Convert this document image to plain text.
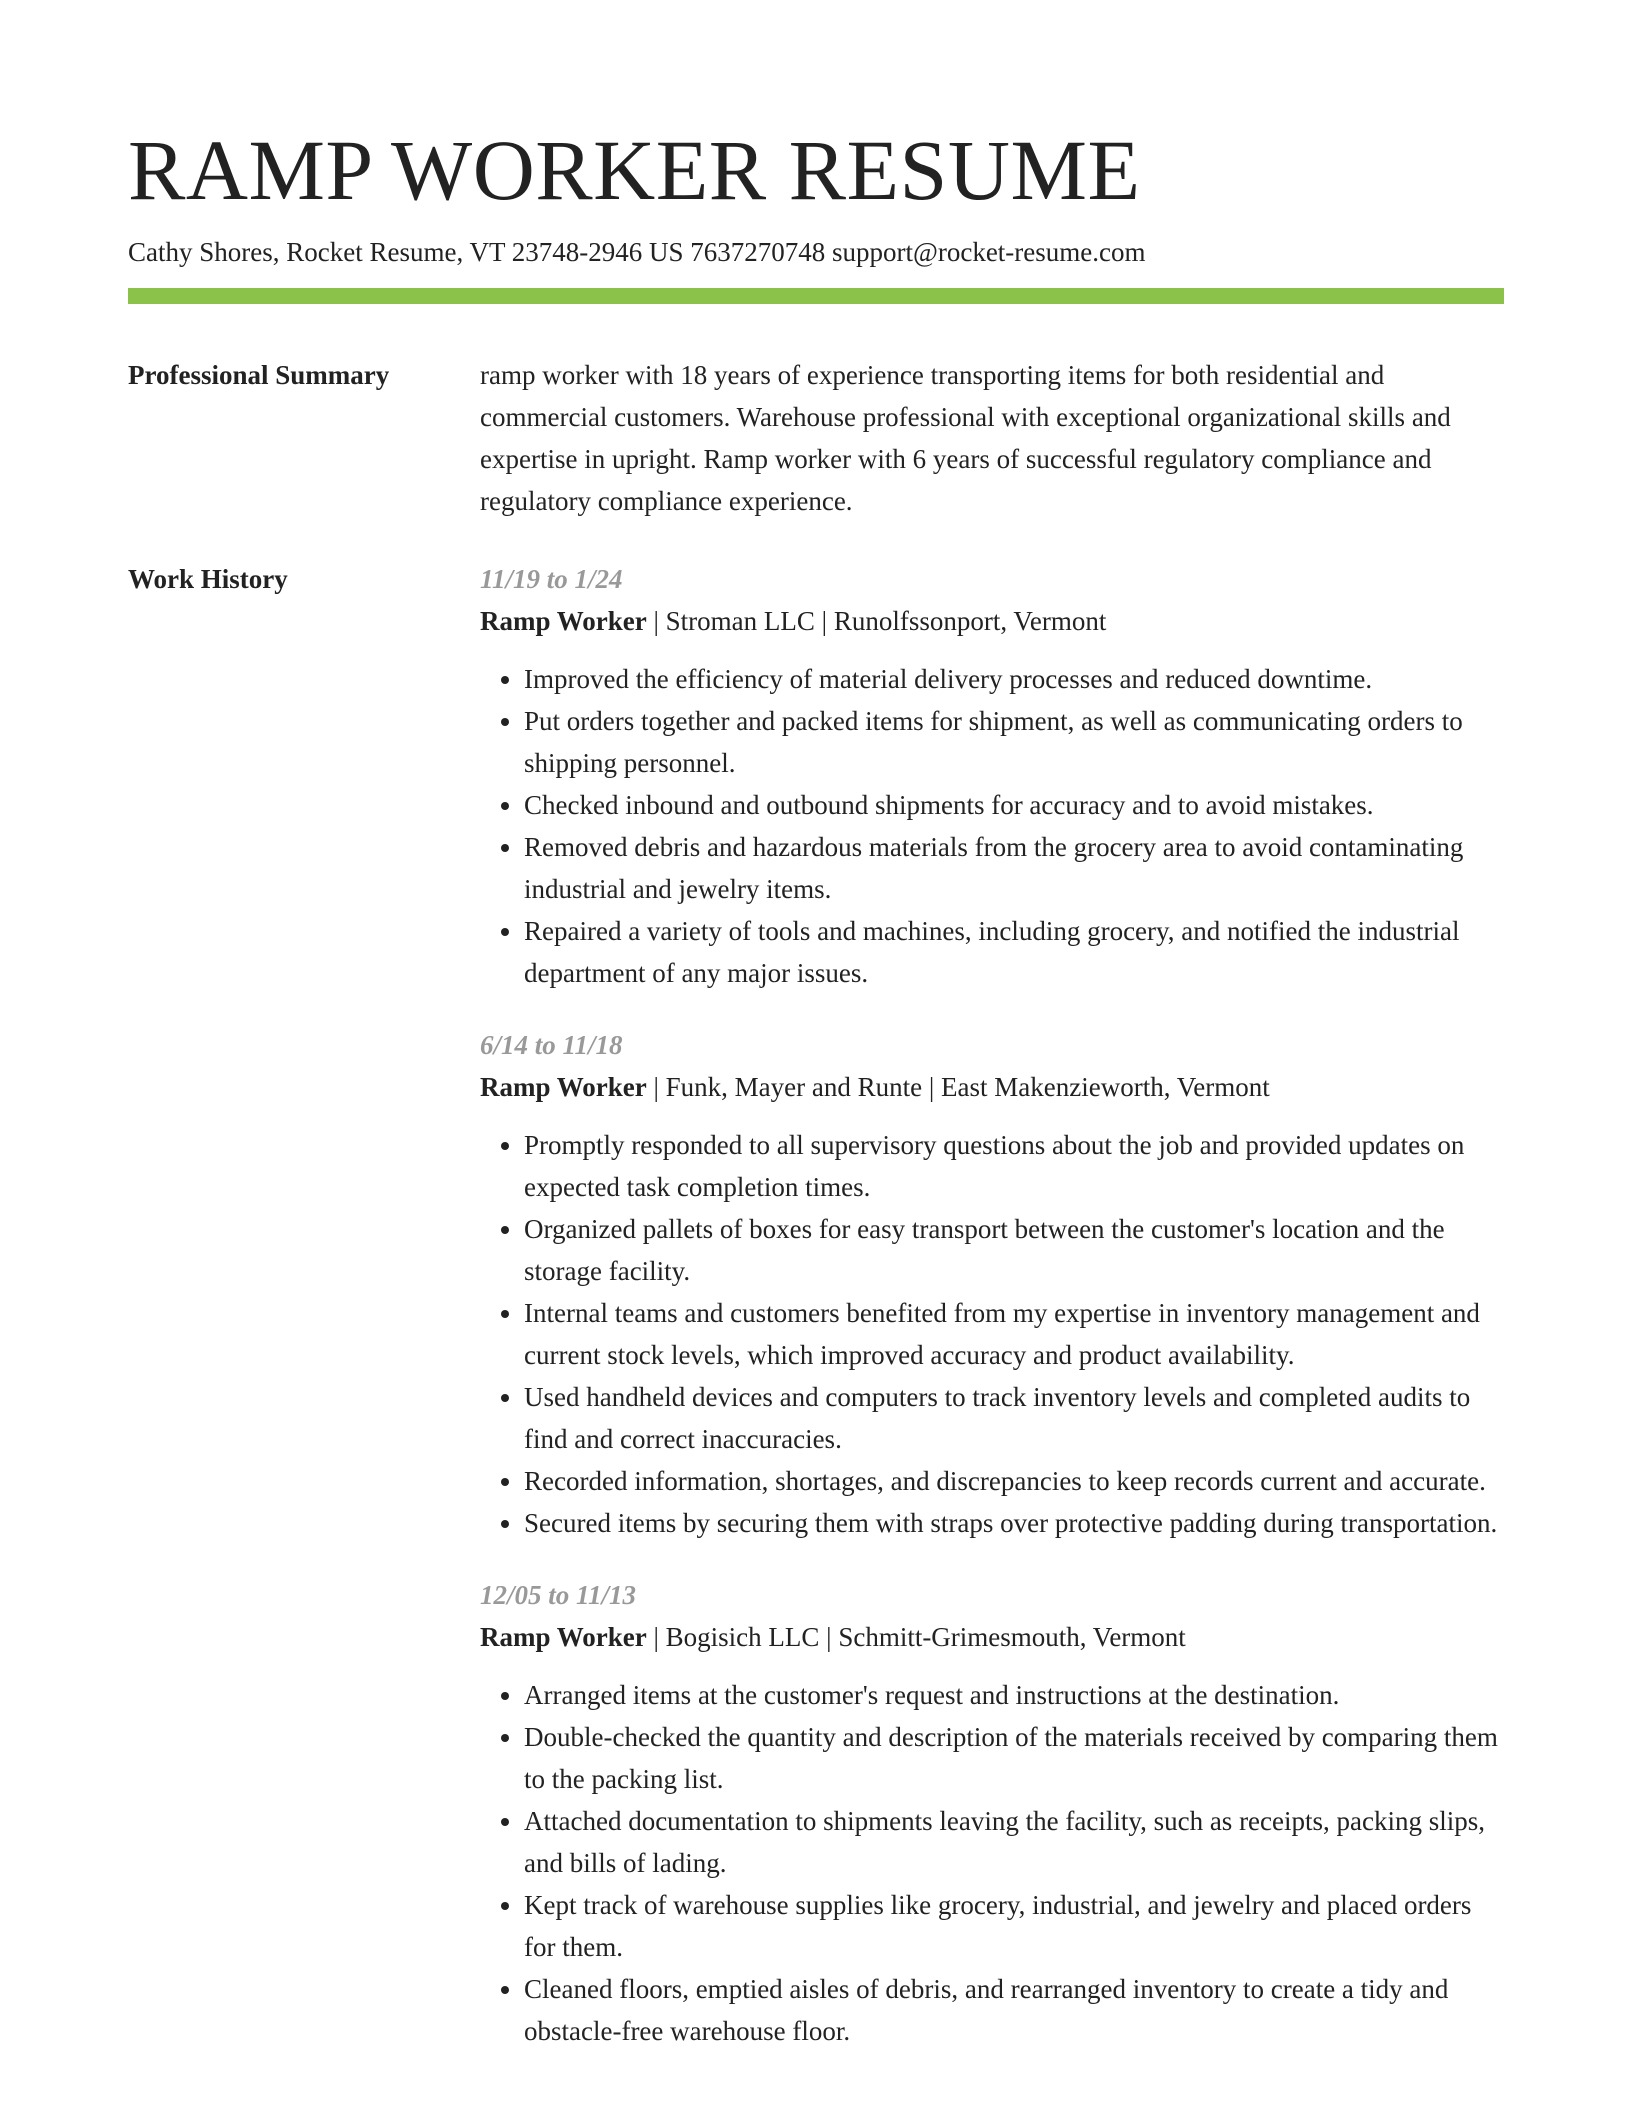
RAMP WORKER RESUME
Cathy Shores, Rocket Resume, VT 23748-2946 US 7637270748 support@rocket-resume.com
Professional Summary	ramp worker with 18 years of experience transporting items for both residential and commercial customers. Warehouse professional with exceptional organizational skills and expertise in upright. Ramp worker with 6 years of successful regulatory compliance and regulatory compliance experience.

Work History	11/19 to 1/24
Ramp Worker | Stroman LLC | Runolfssonport, Vermont
• Improved the efficiency of material delivery processes and reduced downtime.
• Put orders together and packed items for shipment, as well as communicating orders to shipping personnel.
• Checked inbound and outbound shipments for accuracy and to avoid mistakes.
• Removed debris and hazardous materials from the grocery area to avoid contaminating industrial and jewelry items.
• Repaired a variety of tools and machines, including grocery, and notified the industrial department of any major issues.
6/14 to 11/18
Ramp Worker | Funk, Mayer and Runte | East Makenzieworth, Vermont
• Promptly responded to all supervisory questions about the job and provided updates on expected task completion times.
• Organized pallets of boxes for easy transport between the customer's location and the storage facility.
• Internal teams and customers benefited from my expertise in inventory management and current stock levels, which improved accuracy and product availability.
• Used handheld devices and computers to track inventory levels and completed audits to find and correct inaccuracies.
• Recorded information, shortages, and discrepancies to keep records current and accurate.
• Secured items by securing them with straps over protective padding during transportation.
12/05 to 11/13
Ramp Worker | Bogisich LLC | Schmitt-Grimesmouth, Vermont
• Arranged items at the customer's request and instructions at the destination.
• Double-checked the quantity and description of the materials received by comparing them to the packing list.
• Attached documentation to shipments leaving the facility, such as receipts, packing slips, and bills of lading.
• Kept track of warehouse supplies like grocery, industrial, and jewelry and placed orders for them.
• Cleaned floors, emptied aisles of debris, and rearranged inventory to create a tidy and obstacle-free warehouse floor.
